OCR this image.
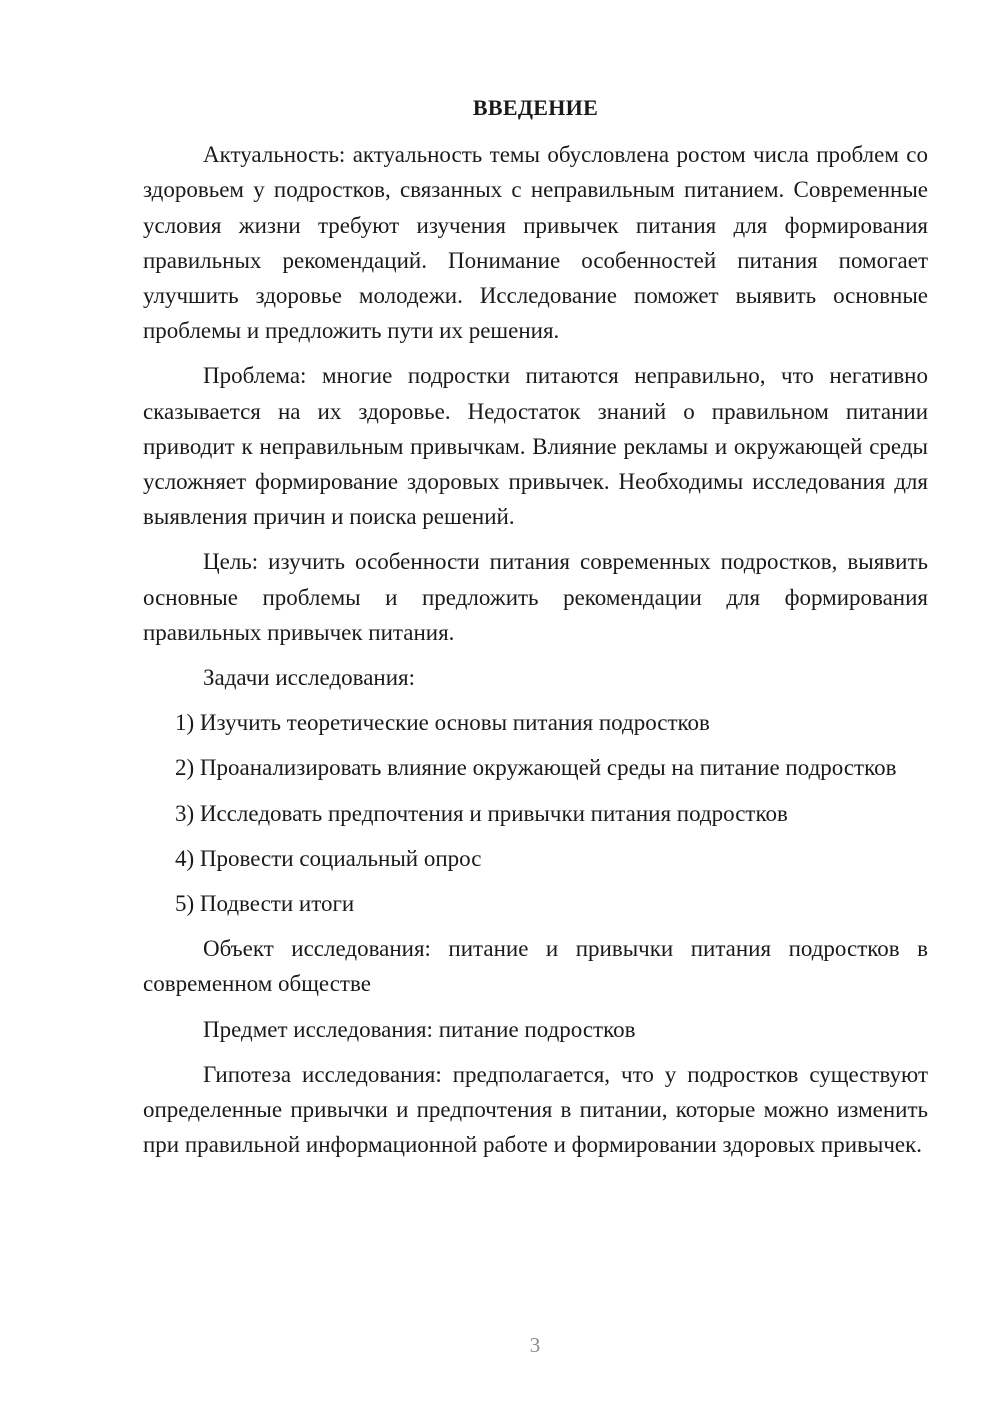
ВВЕДЕНИЕ

Актуальность: актуальность темы обусловлена ростом числа проблем со здоровьем у подростков, связанных с неправильным питанием. Современные условия жизни требуют изучения привычек питания для формирования правильных рекомендаций. Понимание особенностей питания помогает улучшить здоровье молодежи. Исследование поможет выявить основные проблемы и предложить пути их решения.

Проблема: многие подростки питаются неправильно, что негативно сказывается на их здоровье. Недостаток знаний о правильном питании приводит к неправильным привычкам. Влияние рекламы и окружающей среды усложняет формирование здоровых привычек. Необходимы исследования для выявления причин и поиска решений.

Цель: изучить особенности питания современных подростков, выявить основные проблемы и предложить рекомендации для формирования правильных привычек питания.

Задачи исследования:

1) Изучить теоретические основы питания подростков

2) Проанализировать влияние окружающей среды на питание подростков

3) Исследовать предпочтения и привычки питания подростков

4) Провести социальный опрос

5) Подвести итоги

Объект исследования: питание и привычки питания подростков в современном обществе

Предмет исследования: питание подростков

Гипотеза исследования: предполагается, что у подростков существуют определенные привычки и предпочтения в питании, которые можно изменить при правильной информационной работе и формировании здоровых привычек.

3
